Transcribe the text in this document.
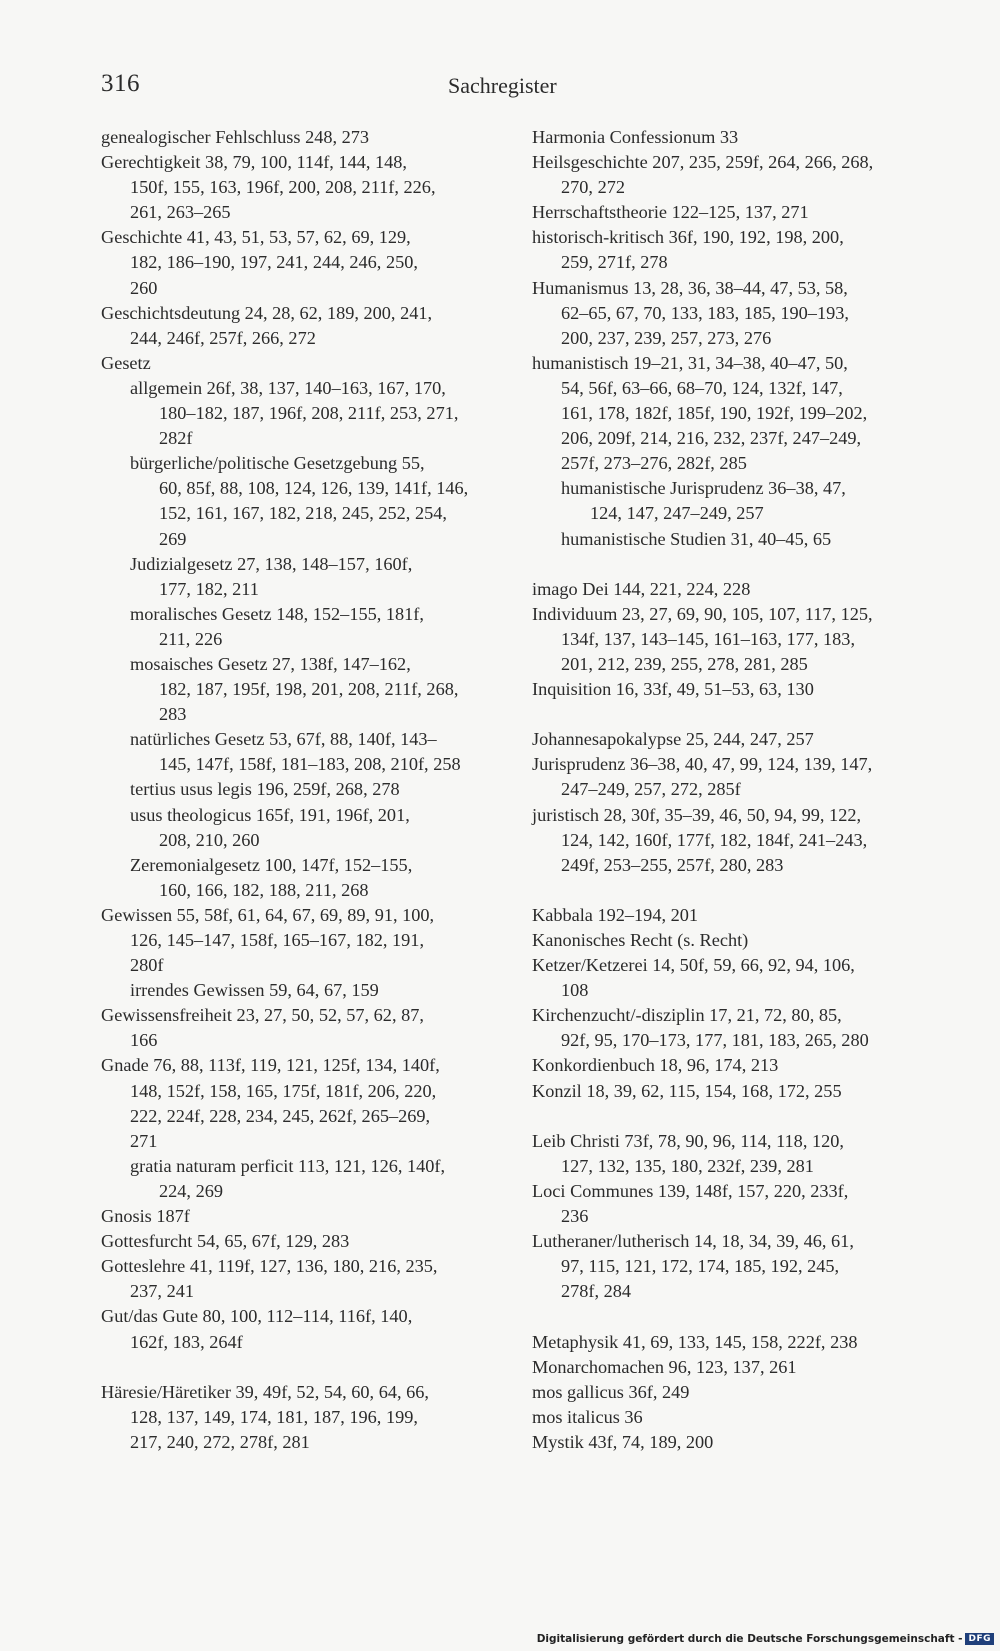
316	Sachregister
genealogischer Fehlschluss 248, 273
Gerechtigkeit 38, 79, 100, 114f, 144, 148,
150f, 155, 163, 196f, 200, 208, 211f, 226,
261, 263–265
Geschichte 41, 43, 51, 53, 57, 62, 69, 129,
182, 186–190, 197, 241, 244, 246, 250,
260
Geschichtsdeutung 24, 28, 62, 189, 200, 241,
244, 246f, 257f, 266, 272
Gesetz
allgemein 26f, 38, 137, 140–163, 167, 170,
180–182, 187, 196f, 208, 211f, 253, 271,
282f
bürgerliche/politische Gesetzgebung 55,
60, 85f, 88, 108, 124, 126, 139, 141f, 146,
152, 161, 167, 182, 218, 245, 252, 254,
269
Judizialgesetz 27, 138, 148–157, 160f,
177, 182, 211
moralisches Gesetz 148, 152–155, 181f,
211, 226
mosaisches Gesetz 27, 138f, 147–162,
182, 187, 195f, 198, 201, 208, 211f, 268,
283
natürliches Gesetz 53, 67f, 88, 140f, 143–
145, 147f, 158f, 181–183, 208, 210f, 258
tertius usus legis 196, 259f, 268, 278
usus theologicus 165f, 191, 196f, 201,
208, 210, 260
Zeremonialgesetz 100, 147f, 152–155,
160, 166, 182, 188, 211, 268
Gewissen 55, 58f, 61, 64, 67, 69, 89, 91, 100,
126, 145–147, 158f, 165–167, 182, 191,
280f
irrendes Gewissen 59, 64, 67, 159
Gewissensfreiheit 23, 27, 50, 52, 57, 62, 87,
166
Gnade 76, 88, 113f, 119, 121, 125f, 134, 140f,
148, 152f, 158, 165, 175f, 181f, 206, 220,
222, 224f, 228, 234, 245, 262f, 265–269,
271
gratia naturam perficit 113, 121, 126, 140f,
224, 269
Gnosis 187f
Gottesfurcht 54, 65, 67f, 129, 283
Gotteslehre 41, 119f, 127, 136, 180, 216, 235,
237, 241
Gut/das Gute 80, 100, 112–114, 116f, 140,
162f, 183, 264f
Häresie/Häretiker 39, 49f, 52, 54, 60, 64, 66,
128, 137, 149, 174, 181, 187, 196, 199,
217, 240, 272, 278f, 281
Harmonia Confessionum 33
Heilsgeschichte 207, 235, 259f, 264, 266, 268,
270, 272
Herrschaftstheorie 122–125, 137, 271
historisch-kritisch 36f, 190, 192, 198, 200,
259, 271f, 278
Humanismus 13, 28, 36, 38–44, 47, 53, 58,
62–65, 67, 70, 133, 183, 185, 190–193,
200, 237, 239, 257, 273, 276
humanistisch 19–21, 31, 34–38, 40–47, 50,
54, 56f, 63–66, 68–70, 124, 132f, 147,
161, 178, 182f, 185f, 190, 192f, 199–202,
206, 209f, 214, 216, 232, 237f, 247–249,
257f, 273–276, 282f, 285
humanistische Jurisprudenz 36–38, 47,
124, 147, 247–249, 257
humanistische Studien 31, 40–45, 65
imago Dei 144, 221, 224, 228
Individuum 23, 27, 69, 90, 105, 107, 117, 125,
134f, 137, 143–145, 161–163, 177, 183,
201, 212, 239, 255, 278, 281, 285
Inquisition 16, 33f, 49, 51–53, 63, 130
Johannesapokalypse 25, 244, 247, 257
Jurisprudenz 36–38, 40, 47, 99, 124, 139, 147,
247–249, 257, 272, 285f
juristisch 28, 30f, 35–39, 46, 50, 94, 99, 122,
124, 142, 160f, 177f, 182, 184f, 241–243,
249f, 253–255, 257f, 280, 283
Kabbala 192–194, 201
Kanonisches Recht (s. Recht)
Ketzer/Ketzerei 14, 50f, 59, 66, 92, 94, 106,
108
Kirchenzucht/-disziplin 17, 21, 72, 80, 85,
92f, 95, 170–173, 177, 181, 183, 265, 280
Konkordienbuch 18, 96, 174, 213
Konzil 18, 39, 62, 115, 154, 168, 172, 255
Leib Christi 73f, 78, 90, 96, 114, 118, 120,
127, 132, 135, 180, 232f, 239, 281
Loci Communes 139, 148f, 157, 220, 233f,
236
Lutheraner/lutherisch 14, 18, 34, 39, 46, 61,
97, 115, 121, 172, 174, 185, 192, 245,
278f, 284
Metaphysik 41, 69, 133, 145, 158, 222f, 238
Monarchomachen 96, 123, 137, 261
mos gallicus 36f, 249
mos italicus 36
Mystik 43f, 74, 189, 200
Digitalisierung gefördert durch die Deutsche Forschungsgemeinschaft - DFG
